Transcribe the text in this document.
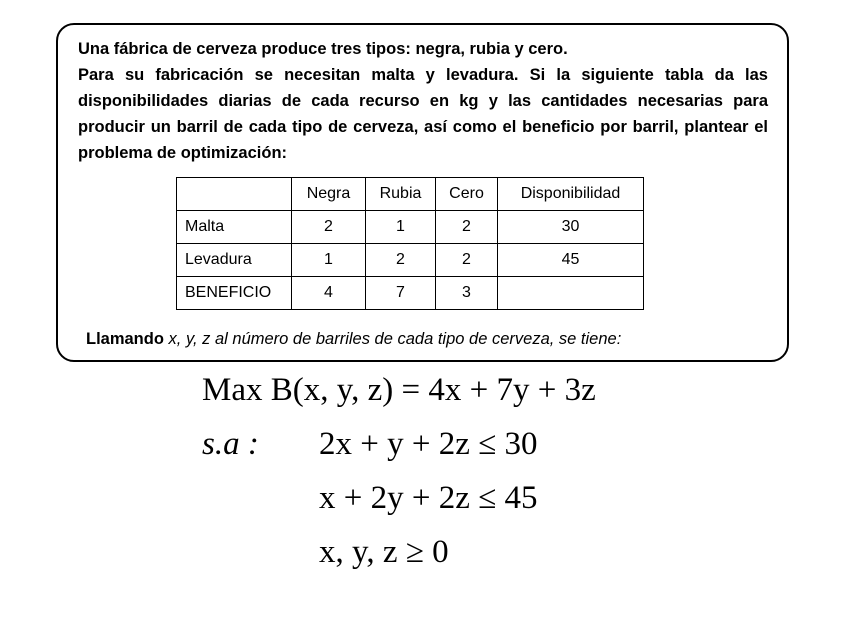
Una fábrica de cerveza produce tres tipos: negra, rubia y cero.

Para su fabricación se necesitan malta y levadura. Si la siguiente tabla da las disponibilidades diarias de cada recurso en kg y las cantidades necesarias para producir un barril de cada tipo de cerveza, así como el beneficio por barril, plantear el problema de optimización:

	Negra	Rubia	Cero	Disponibilidad
Malta	2	1	2	30
Levadura	1	2	2	45
BENEFICIO	4	7	3	
Llamando x, y, z al número de barriles de cada tipo de cerveza, se tiene:
Max B(x, y, z) = 4x + 7y + 3z
s.a : 2x + y + 2z ≤ 30
x + 2y + 2z ≤ 45
x, y, z ≥ 0
